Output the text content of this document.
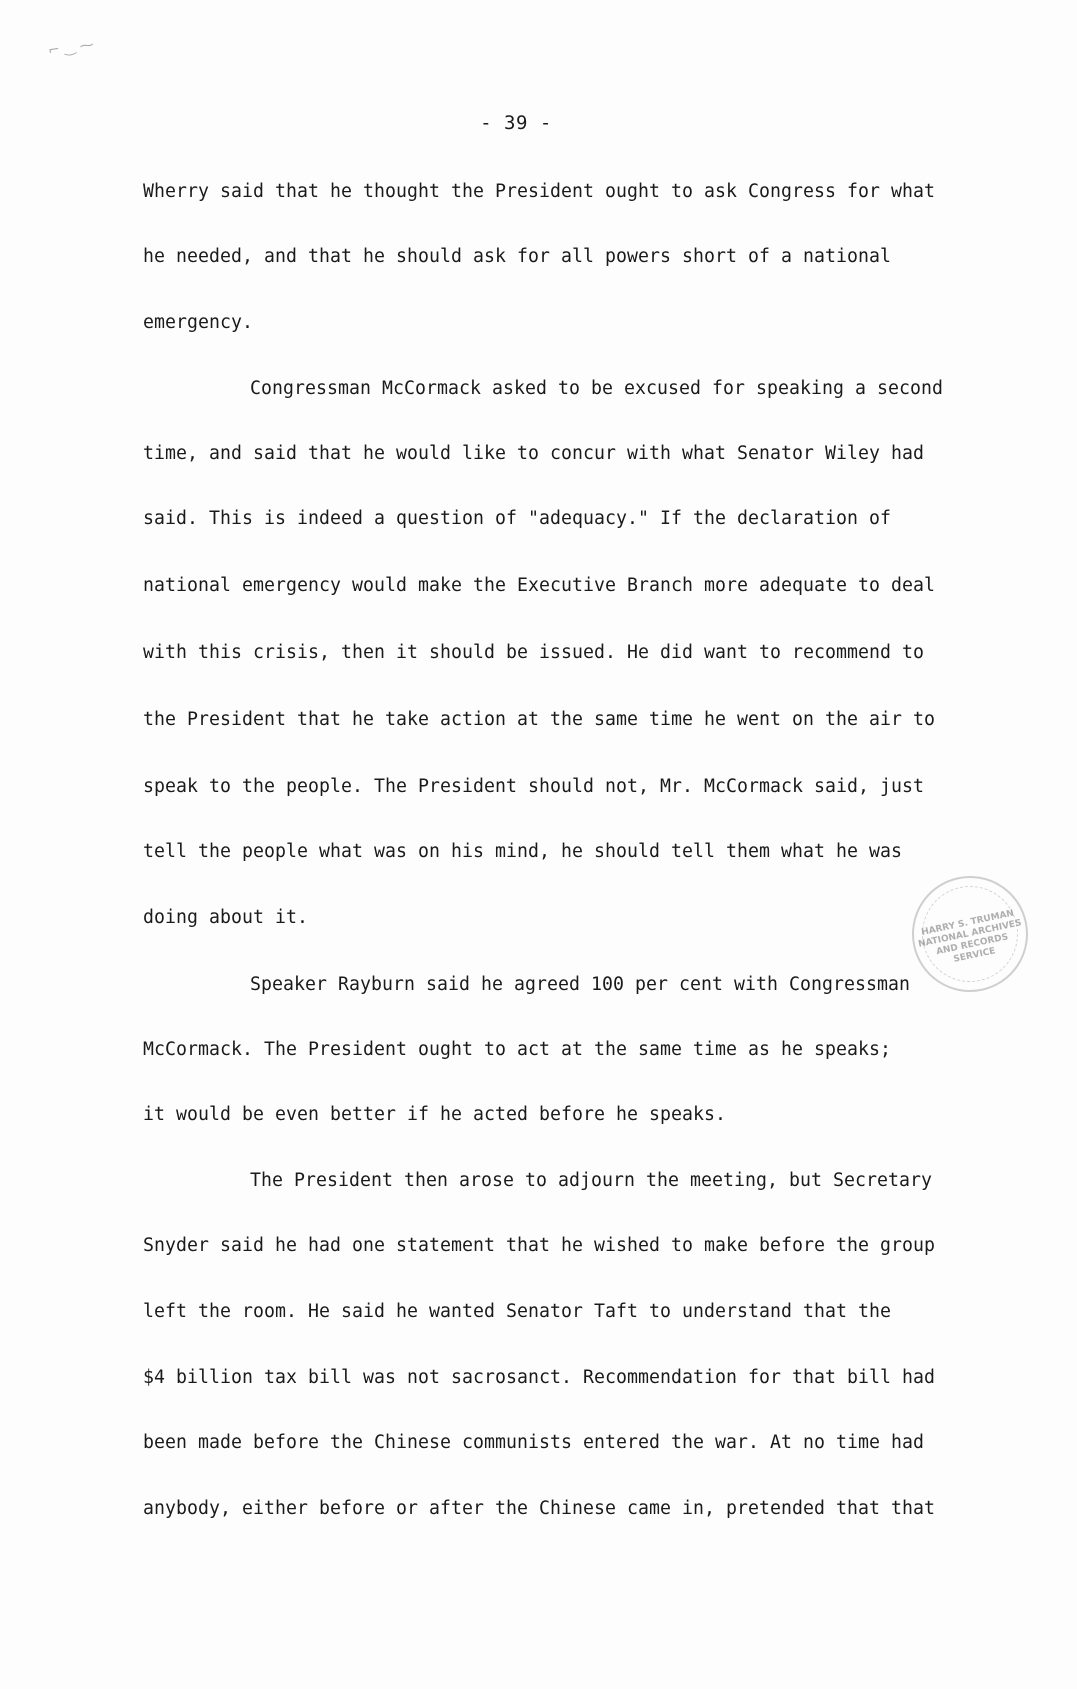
⌐ ‿ ⁓
- 39 -
Wherry said that he thought the President ought to ask Congress for what
he needed, and that he should ask for all powers short of a national
emergency.
Congressman McCormack asked to be excused for speaking a second
time, and said that he would like to concur with what Senator Wiley had
said. This is indeed a question of "adequacy." If the declaration of
national emergency would make the Executive Branch more adequate to deal
with this crisis, then it should be issued. He did want to recommend to
the President that he take action at the same time he went on the air to
speak to the people. The President should not, Mr. McCormack said, just
tell the people what was on his mind, he should tell them what he was
doing about it.
Speaker Rayburn said he agreed 100 per cent with Congressman
McCormack. The President ought to act at the same time as he speaks;
it would be even better if he acted before he speaks.
The President then arose to adjourn the meeting, but Secretary
Snyder said he had one statement that he wished to make before the group
left the room. He said he wanted Senator Taft to understand that the
$4 billion tax bill was not sacrosanct. Recommendation for that bill had
been made before the Chinese communists entered the war. At no time had
anybody, either before or after the Chinese came in, pretended that that
HARRY S. TRUMAN NATIONAL ARCHIVES AND RECORDS SERVICE
